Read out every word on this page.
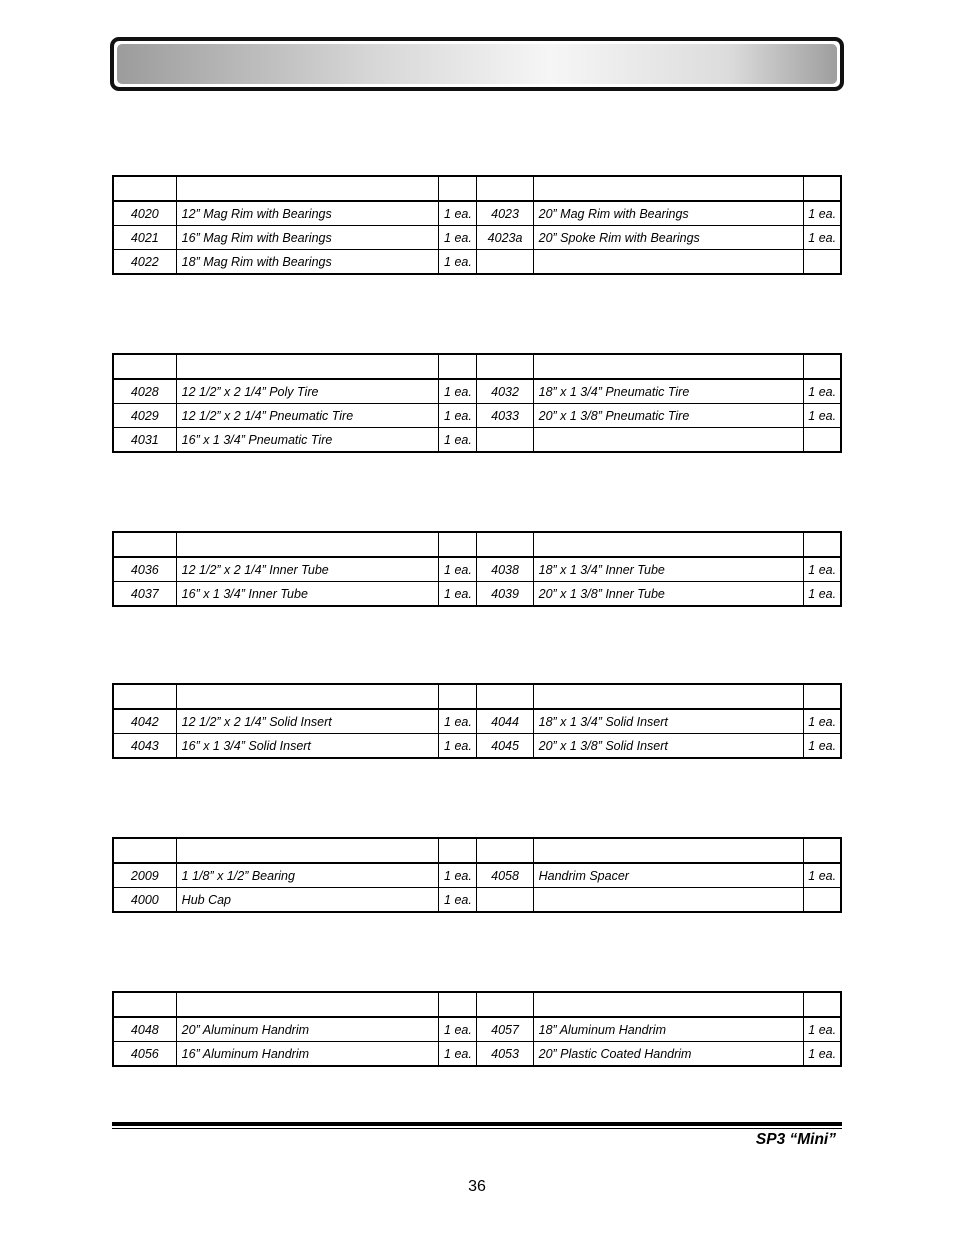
4020	12” Mag Rim with Bearings	1 ea.	4023	20” Mag Rim with Bearings	1 ea.
4021	16” Mag Rim with Bearings	1 ea.	4023a	20” Spoke Rim with Bearings	1 ea.
4022	18” Mag Rim with Bearings	1 ea.			

4028	12 1/2” x 2 1/4” Poly Tire	1 ea.	4032	18” x 1 3/4” Pneumatic Tire	1 ea.
4029	12 1/2” x 2 1/4” Pneumatic Tire	1 ea.	4033	20” x 1 3/8” Pneumatic Tire	1 ea.
4031	16” x 1 3/4” Pneumatic Tire	1 ea.			

4036	12 1/2” x 2 1/4” Inner Tube	1 ea.	4038	18” x 1 3/4” Inner Tube	1 ea.
4037	16” x 1 3/4” Inner Tube	1 ea.	4039	20” x 1 3/8” Inner Tube	1 ea.

4042	12 1/2” x 2 1/4” Solid Insert	1 ea.	4044	18” x 1 3/4” Solid Insert	1 ea.
4043	16” x 1 3/4” Solid Insert	1 ea.	4045	20” x 1 3/8” Solid Insert	1 ea.

2009	1 1/8” x 1/2” Bearing	1 ea.	4058	Handrim Spacer	1 ea.
4000	Hub Cap	1 ea.			

4048	20” Aluminum Handrim	1 ea.	4057	18” Aluminum Handrim	1 ea.
4056	16” Aluminum Handrim	1 ea.	4053	20” Plastic Coated Handrim	1 ea.
SP3 “Mini”
36
